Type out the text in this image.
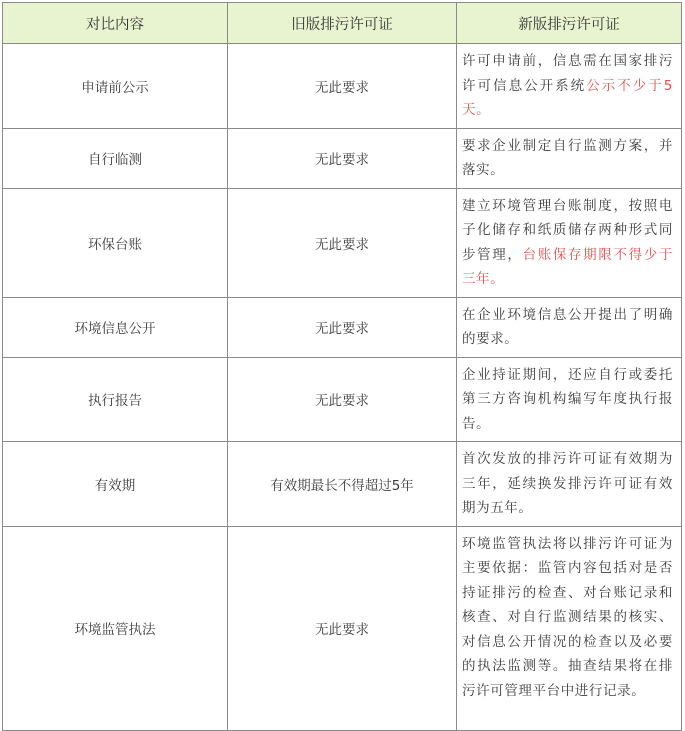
对比内容	旧版排污许可证	新版排污许可证
申请前公示	无此要求	许可申请前，信息需在国家排污许可信息公开系统公示不少于5天。
自行临测	无此要求	要求企业制定自行监测方案，并落实。
环保台账	无此要求	建立环境管理台账制度，按照电子化储存和纸质储存两种形式同步管理，台账保存期限不得少于三年。
环境信息公开	无此要求	在企业环境信息公开提出了明确的要求。
执行报告	无此要求	企业持证期间，还应自行或委托第三方咨询机构编写年度执行报告。
有效期	有效期最长不得超过5年	首次发放的排污许可证有效期为三年，延续换发排污许可证有效期为五年。
环境监管执法	无此要求	环境监管执法将以排污许可证为主要依据：监管内容包括对是否持证排污的检查、对台账记录和核查、对自行监测结果的核实、对信息公开情况的检查以及必要的执法监测等。抽查结果将在排污许可管理平台中进行记录。
